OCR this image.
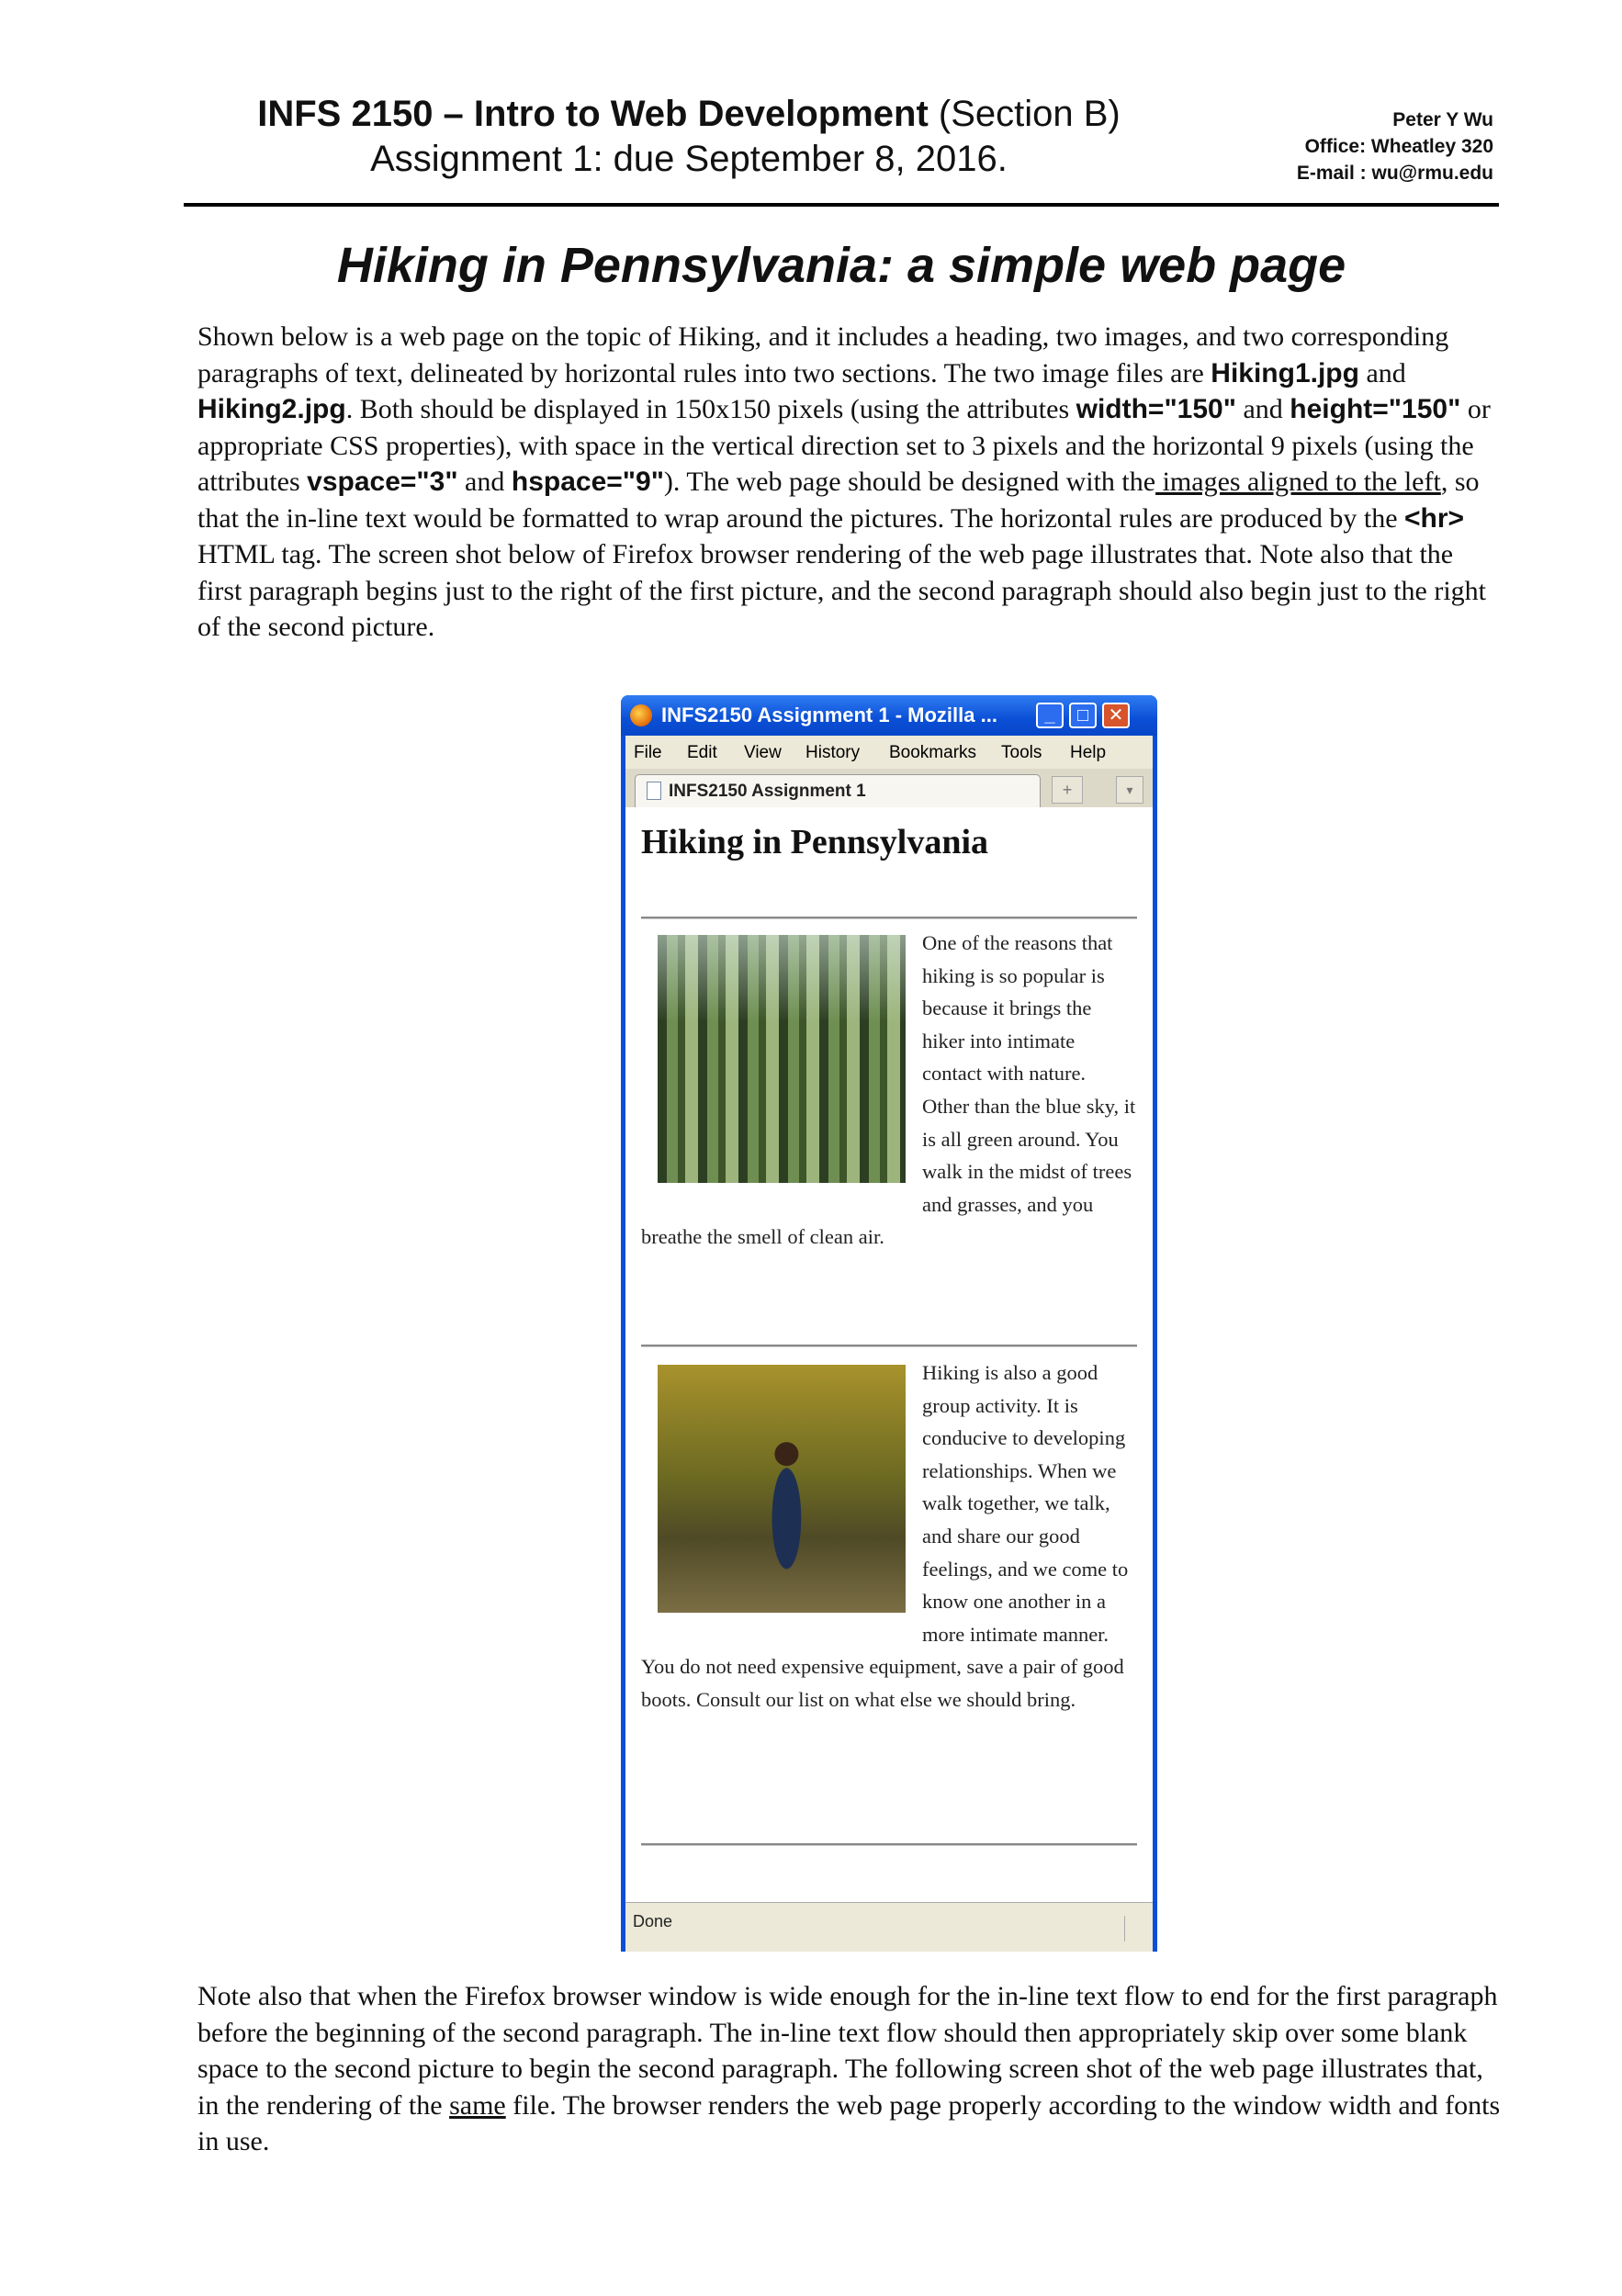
INFS 2150 – Intro to Web Development (Section B)
Assignment 1: due September 8, 2016.
Peter Y Wu
Office: Wheatley 320
E-mail : wu@rmu.edu
Hiking in Pennsylvania: a simple web page
Shown below is a web page on the topic of Hiking, and it includes a heading, two images, and two corresponding paragraphs of text, delineated by horizontal rules into two sections. The two image files are Hiking1.jpg and Hiking2.jpg. Both should be displayed in 150x150 pixels (using the attributes width="150" and height="150" or appropriate CSS properties), with space in the vertical direction set to 3 pixels and the horizontal 9 pixels (using the attributes vspace="3" and hspace="9"). The web page should be designed with the images aligned to the left, so that the in-line text would be formatted to wrap around the pictures. The horizontal rules are produced by the <hr> HTML tag. The screen shot below of Firefox browser rendering of the web page illustrates that. Note also that the first paragraph begins just to the right of the first picture, and the second paragraph should also begin just to the right of the second picture.
INFS2150 Assignment 1 - Mozilla ...	_	□	✕
File Edit View History Bookmarks Tools Help
INFS2150 Assignment 1	+	▾
Hiking in Pennsylvania
One of the reasons that hiking is so popular is because it brings the hiker into intimate contact with nature. Other than the blue sky, it is all green around. You walk in the midst of trees and grasses, and you breathe the smell of clean air.
Hiking is also a good group activity. It is conducive to developing relationships. When we walk together, we talk, and share our good feelings, and we come to know one another in a more intimate manner. You do not need expensive equipment, save a pair of good boots. Consult our list on what else we should bring.
Done
Note also that when the Firefox browser window is wide enough for the in-line text flow to end for the first paragraph before the beginning of the second paragraph. The in-line text flow should then appropriately skip over some blank space to the second picture to begin the second paragraph. The following screen shot of the web page illustrates that, in the rendering of the same file. The browser renders the web page properly according to the window width and fonts in use.
